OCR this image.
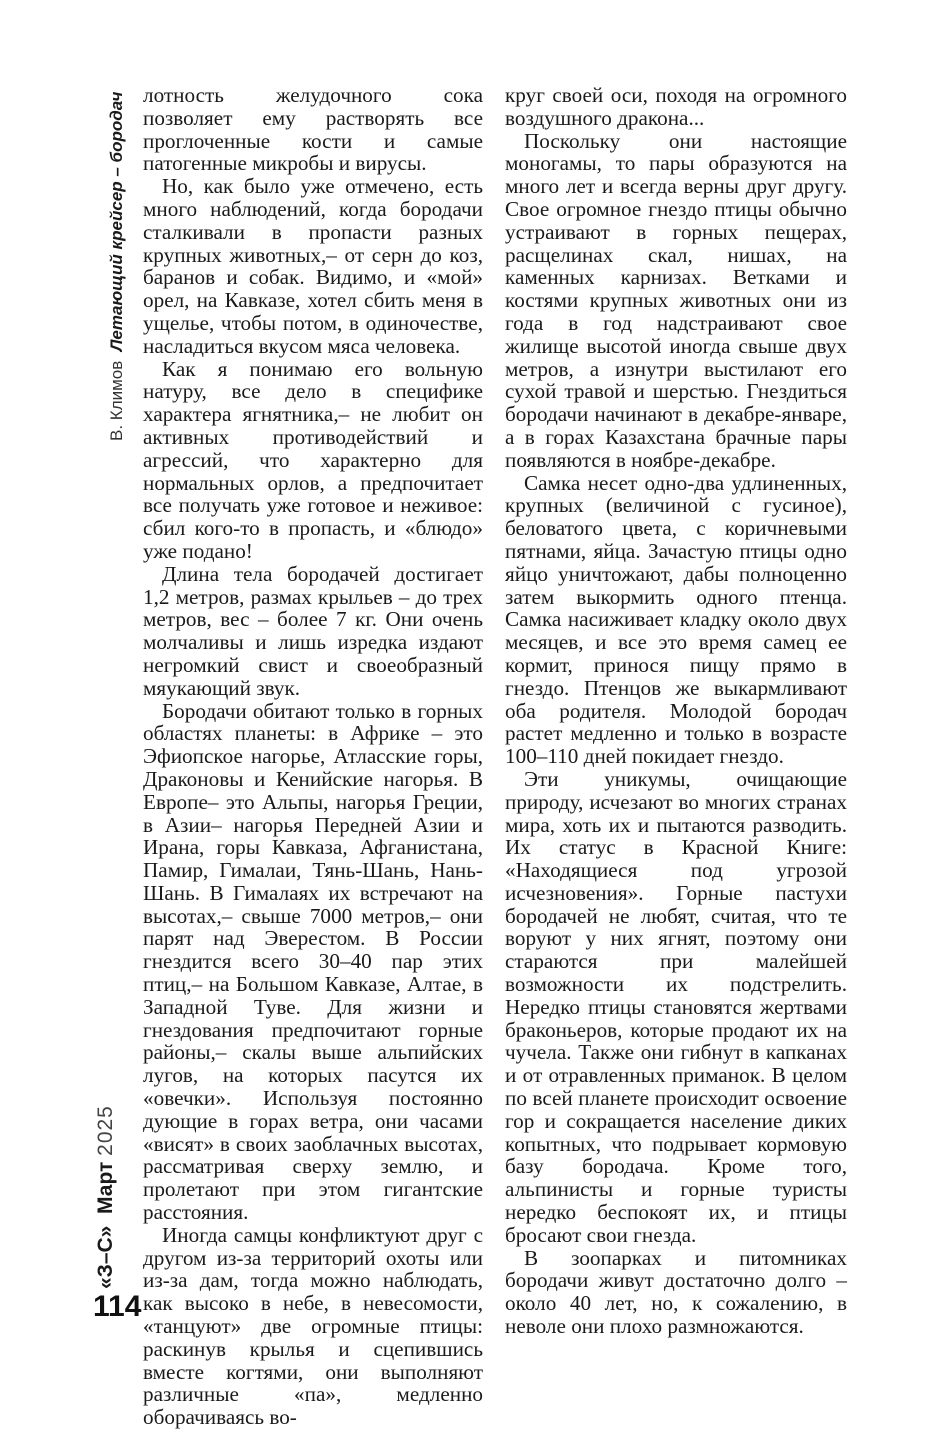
В. Климов  Летающий крейсер – бородач
«З–С»  Март 2025
114

лотность желудочного сока позволяет ему растворять все проглоченные кости и самые патогенные микробы и вирусы.

Но, как было уже отмечено, есть много наблюдений, когда бородачи сталкивали в пропасти разных крупных животных,– от серн до коз, баранов и собак. Видимо, и «мой» орел, на Кавказе, хотел сбить меня в ущелье, чтобы потом, в одиночестве, насладиться вкусом мяса человека.

Как я понимаю его вольную натуру, все дело в специфике характера ягнятника,– не любит он активных противодействий и агрессий, что характерно для нормальных орлов, а предпочитает все получать уже готовое и неживое: сбил кого-то в пропасть, и «блюдо» уже подано!

Длина тела бородачей достигает 1,2 метров, размах крыльев – до трех метров, вес – более 7 кг. Они очень молчаливы и лишь изредка издают негромкий свист и своеобразный мяукающий звук.

Бородачи обитают только в горных областях планеты: в Африке – это Эфиопское нагорье, Атласские горы, Драконовы и Кенийские нагорья. В Европе– это Альпы, нагорья Греции, в Азии– нагорья Передней Азии и Ирана, горы Кавказа, Афганистана, Памир, Гималаи, Тянь-Шань, Нань-Шань. В Гималаях их встречают на высотах,– свыше 7000 метров,– они парят над Эверестом. В России гнездится всего 30–40 пар этих птиц,– на Большом Кавказе, Алтае, в Западной Туве. Для жизни и гнездования предпочитают горные районы,– скалы выше альпийских лугов, на которых пасутся их «овечки». Используя постоянно дующие в горах ветра, они часами «висят» в своих заоблачных высотах, рассматривая сверху землю, и пролетают при этом гигантские расстояния.

Иногда самцы конфликтуют друг с другом из-за территорий охоты или из-за дам, тогда можно наблюдать, как высоко в небе, в невесомости, «танцуют» две огромные птицы: раскинув крылья и сцепившись вместе когтями, они выполняют различные «па», медленно оборачиваясь во-

круг своей оси, походя на огромного воздушного дракона...

Поскольку они настоящие моногамы, то пары образуются на много лет и всегда верны друг другу. Свое огромное гнездо птицы обычно устраивают в горных пещерах, расщелинах скал, нишах, на каменных карнизах. Ветками и костями крупных животных они из года в год надстраивают свое жилище высотой иногда свыше двух метров, а изнутри выстилают его сухой травой и шерстью. Гнездиться бородачи начинают в декабре-январе, а в горах Казахстана брачные пары появляются в ноябре-декабре.

Самка несет одно-два удлиненных, крупных (величиной с гусиное), беловатого цвета, с коричневыми пятнами, яйца. Зачастую птицы одно яйцо уничтожают, дабы полноценно затем выкормить одного птенца. Самка насиживает кладку около двух месяцев, и все это время самец ее кормит, принося пищу прямо в гнездо. Птенцов же выкармливают оба родителя. Молодой бородач растет медленно и только в возрасте 100–110 дней покидает гнездо.

Эти уникумы, очищающие природу, исчезают во многих странах мира, хоть их и пытаются разводить. Их статус в Красной Книге: «Находящиеся под угрозой исчезновения». Горные пастухи бородачей не любят, считая, что те воруют у них ягнят, поэтому они стараются при малейшей возможности их подстрелить. Нередко птицы становятся жертвами браконьеров, которые продают их на чучела. Также они гибнут в капканах и от отравленных приманок. В целом по всей планете происходит освоение гор и сокращается население диких копытных, что подрывает кормовую базу бородача. Кроме того, альпинисты и горные туристы нередко беспокоят их, и птицы бросают свои гнезда.

В зоопарках и питомниках бородачи живут достаточно долго – около 40 лет, но, к сожалению, в неволе они плохо размножаются.
